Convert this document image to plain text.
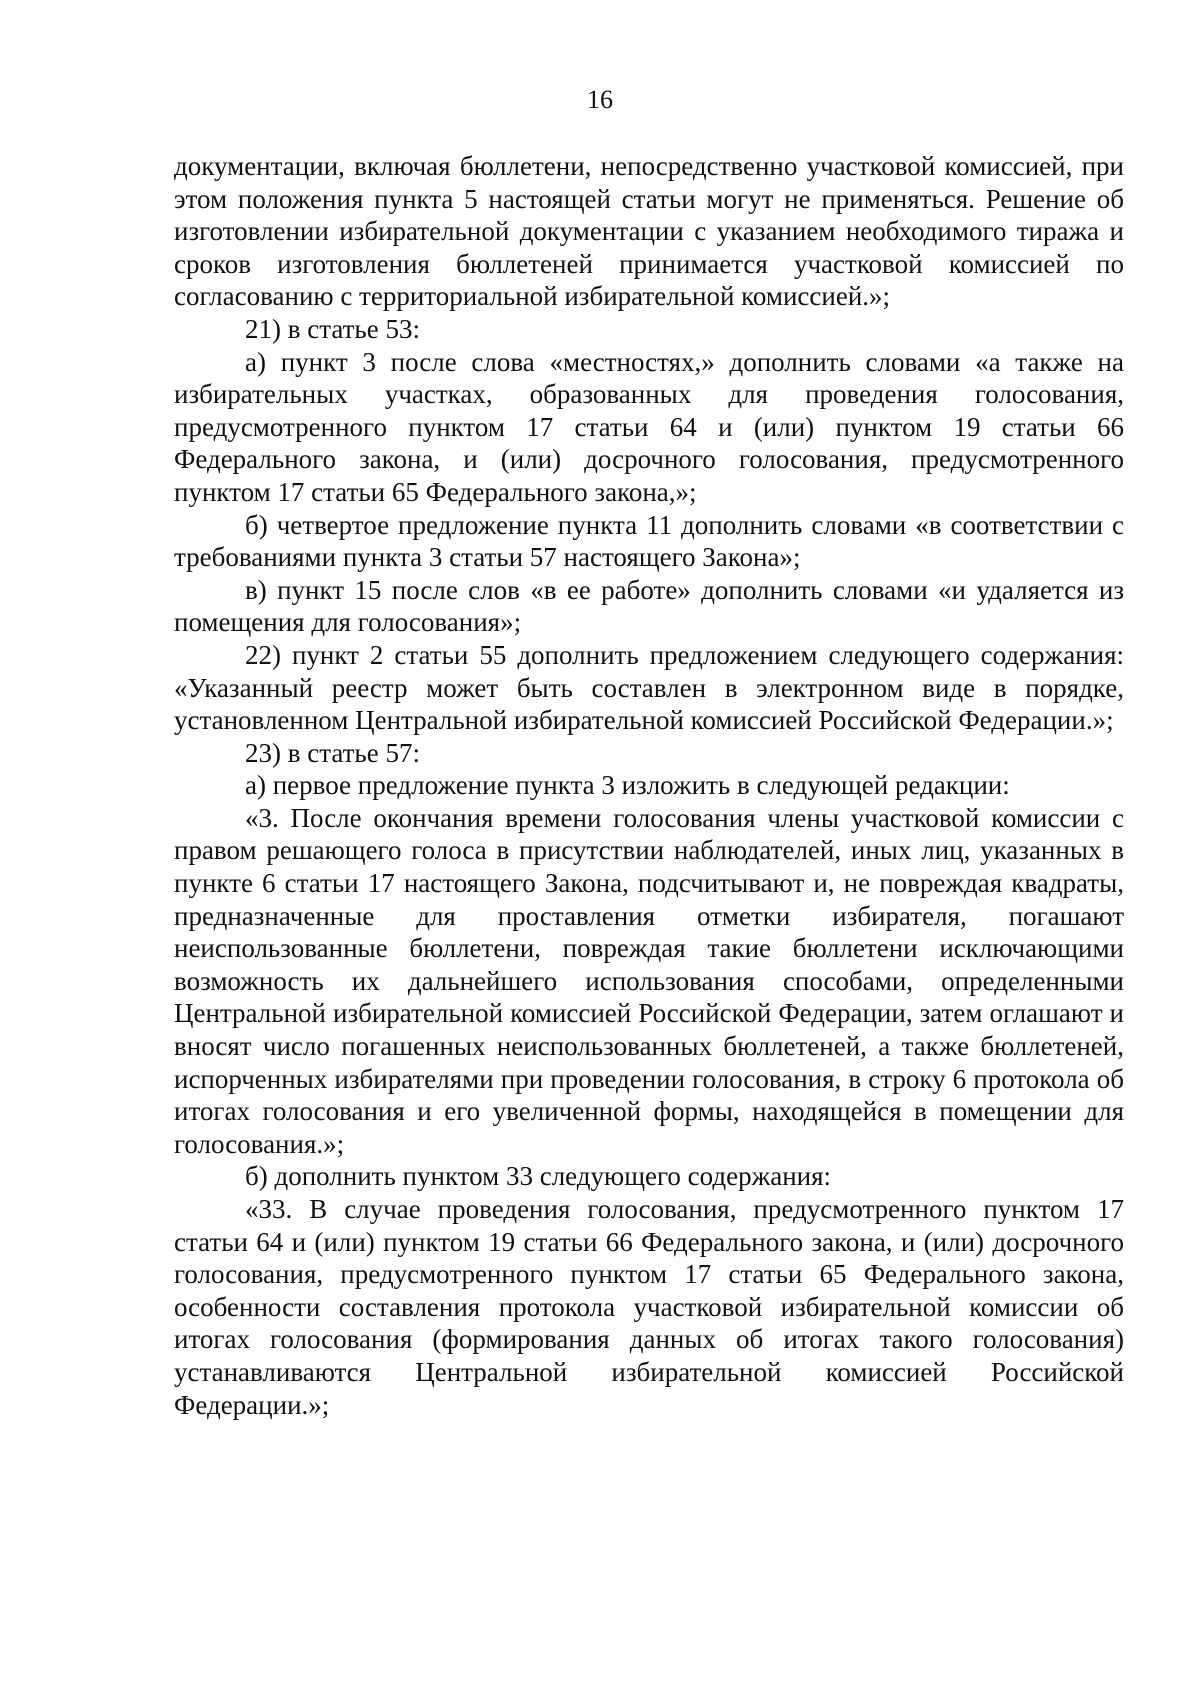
16

документации, включая бюллетени, непосредственно участковой комиссией, при этом положения пункта 5 настоящей статьи могут не применяться. Решение об изготовлении избирательной документации с указанием необходимого тиража и сроков изготовления бюллетеней принимается участковой комиссией по согласованию с территориальной избирательной комиссией.»;

21) в статье 53:

а) пункт 3 после слова «местностях,» дополнить словами «а также на избирательных участках, образованных для проведения голосования, предусмотренного пунктом 17 статьи 64 и (или) пунктом 19 статьи 66 Федерального закона, и (или) досрочного голосования, предусмотренного пунктом 17 статьи 65 Федерального закона,»;

б) четвертое предложение пункта 11 дополнить словами «в соответствии с требованиями пункта 3 статьи 57 настоящего Закона»;

в) пункт 15 после слов «в ее работе» дополнить словами «и удаляется из помещения для голосования»;

22) пункт 2 статьи 55 дополнить предложением следующего содержания: «Указанный реестр может быть составлен в электронном виде в порядке, установленном Центральной избирательной комиссией Российской Федерации.»;

23) в статье 57:

а) первое предложение пункта 3 изложить в следующей редакции:

«3. После окончания времени голосования члены участковой комиссии с правом решающего голоса в присутствии наблюдателей, иных лиц, указанных в пункте 6 статьи 17 настоящего Закона, подсчитывают и, не повреждая квадраты, предназначенные для проставления отметки избирателя, погашают неиспользованные бюллетени, повреждая такие бюллетени исключающими возможность их дальнейшего использования способами, определенными Центральной избирательной комиссией Российской Федерации, затем оглашают и вносят число погашенных неиспользованных бюллетеней, а также бюллетеней, испорченных избирателями при проведении голосования, в строку 6 протокола об итогах голосования и его увеличенной формы, находящейся в помещении для голосования.»;

б) дополнить пунктом 33 следующего содержания:

«33. В случае проведения голосования, предусмотренного пунктом 17 статьи 64 и (или) пунктом 19 статьи 66 Федерального закона, и (или) досрочного голосования, предусмотренного пунктом 17 статьи 65 Федерального закона, особенности составления протокола участковой избирательной комиссии об итогах голосования (формирования данных об итогах такого голосования) устанавливаются Центральной избирательной комиссией Российской Федерации.»;
